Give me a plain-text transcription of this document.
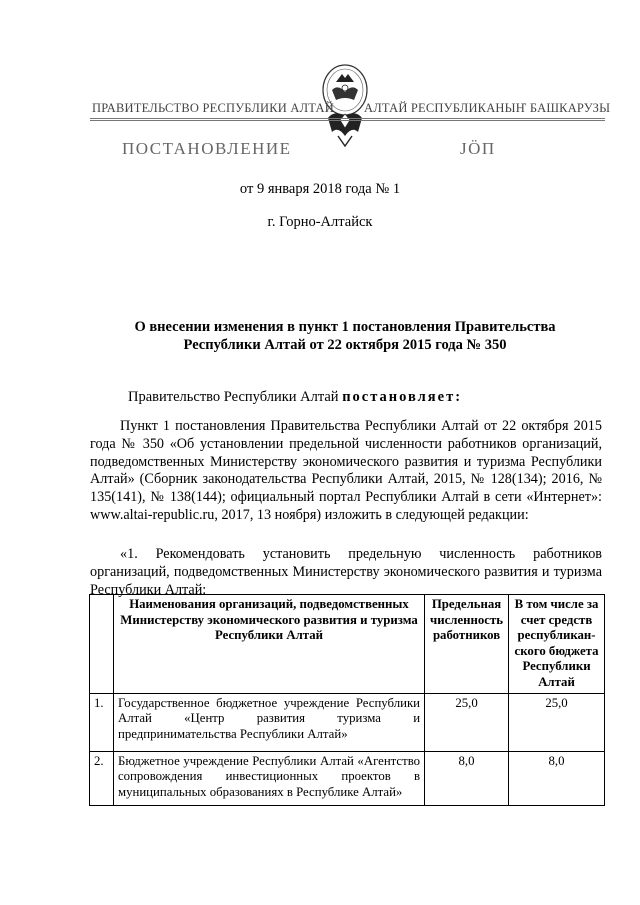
ПРАВИТЕЛЬСТВО РЕСПУБЛИКИ АЛТАЙ АЛТАЙ РЕСПУБЛИКАНЫҤ БАШКАРУЗЫ
ПОСТАНОВЛЕНИЕ	ЈÖП
от 9 января 2018 года № 1
г. Горно-Алтайск
О внесении изменения в пункт 1 постановления Правительства Республики Алтай от 22 октября 2015 года № 350
Правительство Республики Алтай постановляет:
Пункт 1 постановления Правительства Республики Алтай от 22 октября 2015 года № 350 «Об установлении предельной численности работников организаций, подведомственных Министерству экономического развития и туризма Республики Алтай» (Сборник законодательства Республики Алтай, 2015, № 128(134); 2016, № 135(141), № 138(144); официальный портал Республики Алтай в сети «Интернет»: www.altai-republic.ru, 2017, 13 ноября) изложить в следующей редакции:
«1. Рекомендовать установить предельную численность работников организаций, подведомственных Министерству экономического развития и туризма Республики Алтай:
	Наименования организаций, подведомственных Министерству экономического развития и туризма Республики Алтай	Предельная численность работников	В том числе за счет средств республикан-ского бюджета Республики Алтай
1.	Государственное бюджетное учреждение Республики Алтай «Центр развития туризма и предпринимательства Республики Алтай»	25,0	25,0
2.	Бюджетное учреждение Республики Алтай «Агентство сопровождения инвестиционных проектов в муниципальных образованиях в Республике Алтай»	8,0	8,0
